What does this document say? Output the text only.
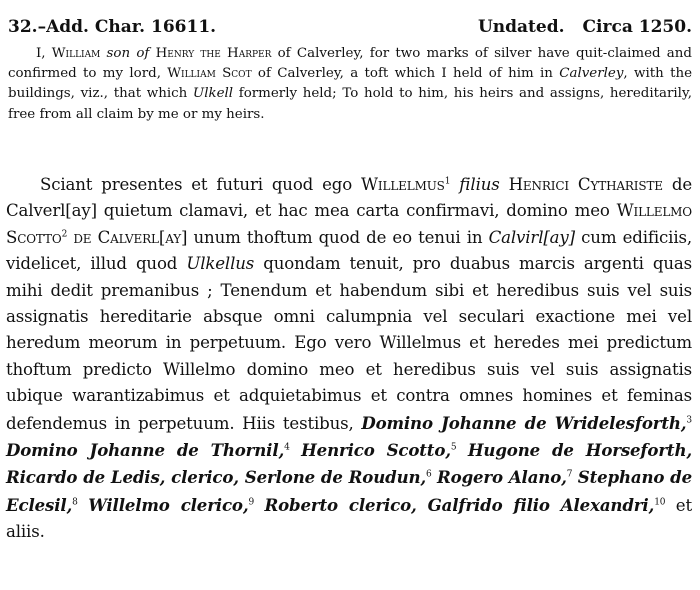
32.–Add. Char. 16611.	Undated. Circa 1250.

I, William son of Henry the Harper of Calverley, for two marks of silver have quit-claimed and confirmed to my lord, William Scot of Calverley, a toft which I held of him in Calverley, with the buildings, viz., that which Ulkell formerly held; To hold to him, his heirs and assigns, hereditarily, free from all claim by me or my heirs.

Sciant presentes et futuri quod ego Willelmus$^1$ filius Henrici Cythariste de Calverl[ay] quietum clamavi, et hac mea carta confirmavi, domino meo Willelmo Scotto$^2$ de Calverl[ay] unum thoftum quod de eo tenui in Calvirl[ay] cum edificiis, videlicet, illud quod Ulkellus quondam tenuit, pro duabus marcis argenti quas mihi dedit premanibus ; Tenendum et habendum sibi et heredibus suis vel suis assignatis hereditarie absque omni calumpnia vel seculari exactione mei vel heredum meorum in perpetuum. Ego vero Willelmus et heredes mei predictum thoftum predicto Willelmo domino meo et heredibus suis vel suis assignatis ubique warantizabimus et adquietabimus et contra omnes homines et feminas defendemus in perpetuum. Hiis testibus, Domino Johanne de Wridelesforth,$^3$ Domino Johanne de Thornil,$^4$ Henrico Scotto,$^5$ Hugone de Horseforth, Ricardo de Ledis, clerico, Serlone de Roudun,$^6$ Rogero Alano,$^7$ Stephano de Eclesil,$^8$ Willelmo clerico,$^9$ Roberto clerico, Galfrido filio Alexandri,$^{10}$ et aliis.
